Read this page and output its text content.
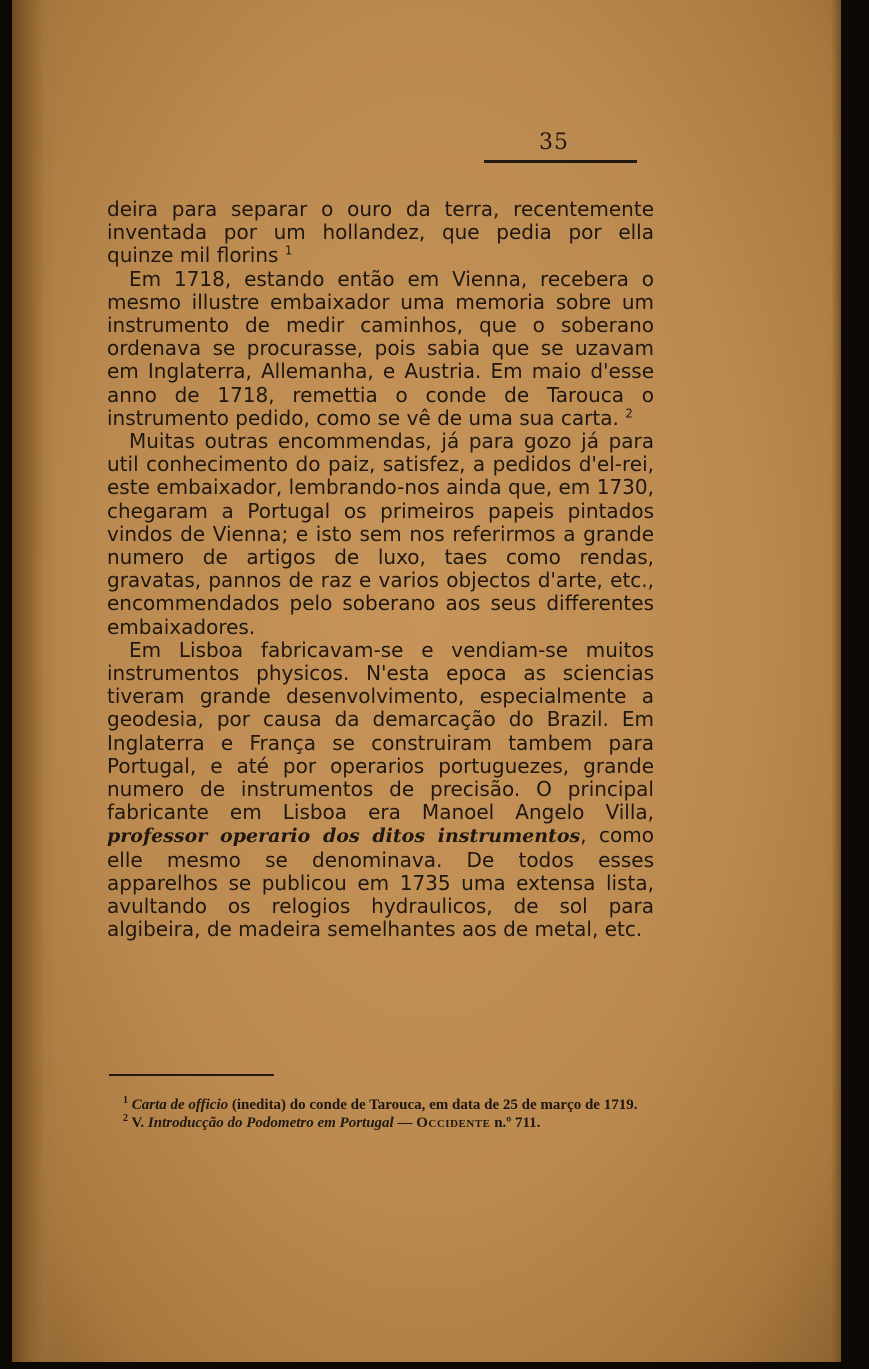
35

deira para separar o ouro da terra, recentemente inventada por um hollandez, que pedia por ella quinze mil florins $^1$

Em 1718, estando então em Vienna, recebera o mesmo illustre embaixador uma memoria sobre um instrumento de medir caminhos, que o soberano ordenava se procurasse, pois sabia que se uzavam em Inglaterra, Allemanha, e Austria. Em maio d'esse anno de 1718, remettia o conde de Tarouca o instrumento pedido, como se vê de uma sua carta. $^2$

Muitas outras encommendas, já para gozo já para util conhecimento do paiz, satisfez, a pedidos d'el-rei, este embaixador, lembrando-nos ainda que, em 1730, chegaram a Portugal os primeiros papeis pintados vindos de Vienna; e isto sem nos referirmos a grande numero de artigos de luxo, taes como rendas, gravatas, pannos de raz e varios objectos d'arte, etc., encommendados pelo soberano aos seus differentes embaixadores.

Em Lisboa fabricavam-se e vendiam-se muitos instrumentos physicos. N'esta epoca as sciencias tiveram grande desenvolvimento, especialmente a geodesia, por causa da demarcação do Brazil. Em Inglaterra e França se construiram tambem para Portugal, e até por operarios portuguezes, grande numero de instrumentos de precisão. O principal fabricante em Lisboa era Manoel Angelo Villa, professor operario dos ditos instrumentos, como elle mesmo se denominava. De todos esses apparelhos se publicou em 1735 uma extensa lista, avultando os relogios hydraulicos, de sol para algibeira, de madeira semelhantes aos de metal, etc.

$^1$ Carta de officio (inedita) do conde de Tarouca, em data de 25 de março de 1719.

$^2$ V. Introducção do Podometro em Portugal — Occidente n.º 711.
